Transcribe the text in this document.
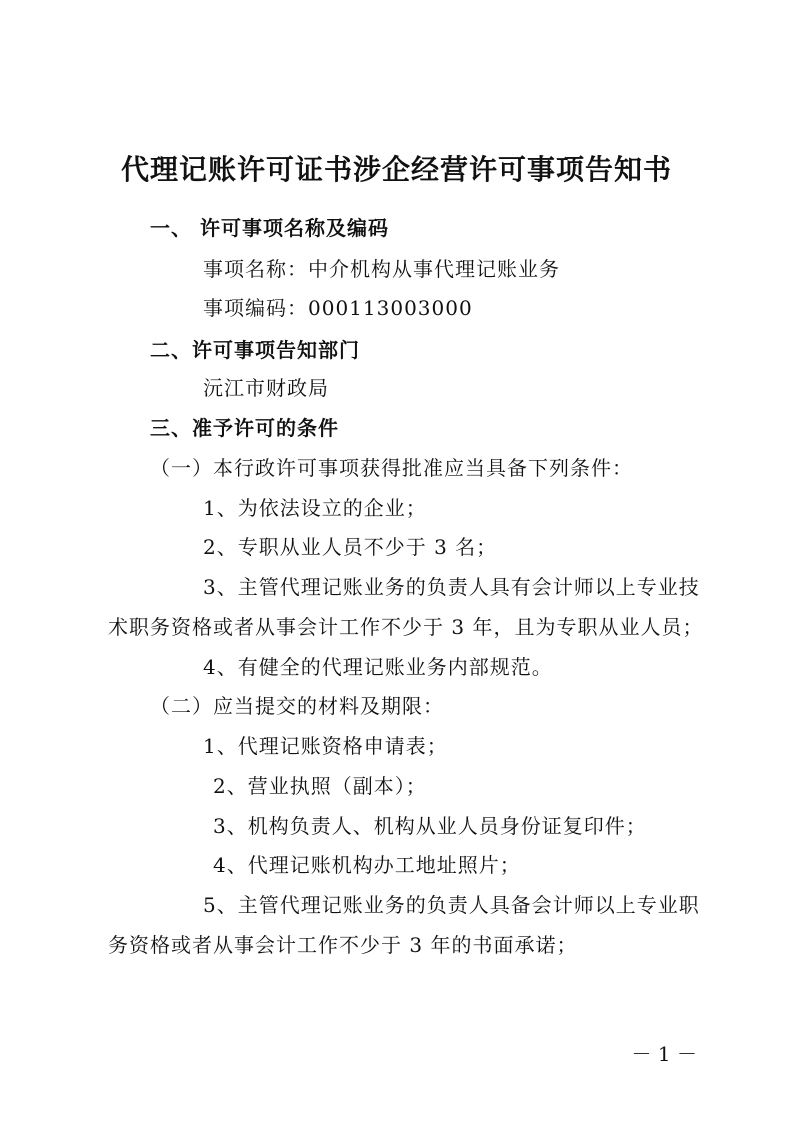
代理记账许可证书涉企经营许可事项告知书
一、 许可事项名称及编码
事项名称：中介机构从事代理记账业务
事项编码：000113003000
二、许可事项告知部门
沅江市财政局
三、准予许可的条件
（一）本行政许可事项获得批准应当具备下列条件：
1、为依法设立的企业；
2、专职从业人员不少于 3 名；
3、主管代理记账业务的负责人具有会计师以上专业技
术职务资格或者从事会计工作不少于 3 年，且为专职从业人员；
4、有健全的代理记账业务内部规范。
（二）应当提交的材料及期限：
1、代理记账资格申请表；
2、营业执照（副本）；
3、机构负责人、机构从业人员身份证复印件；
4、代理记账机构办工地址照片；
5、主管代理记账业务的负责人具备会计师以上专业职
务资格或者从事会计工作不少于 3 年的书面承诺；
－ 1 －
